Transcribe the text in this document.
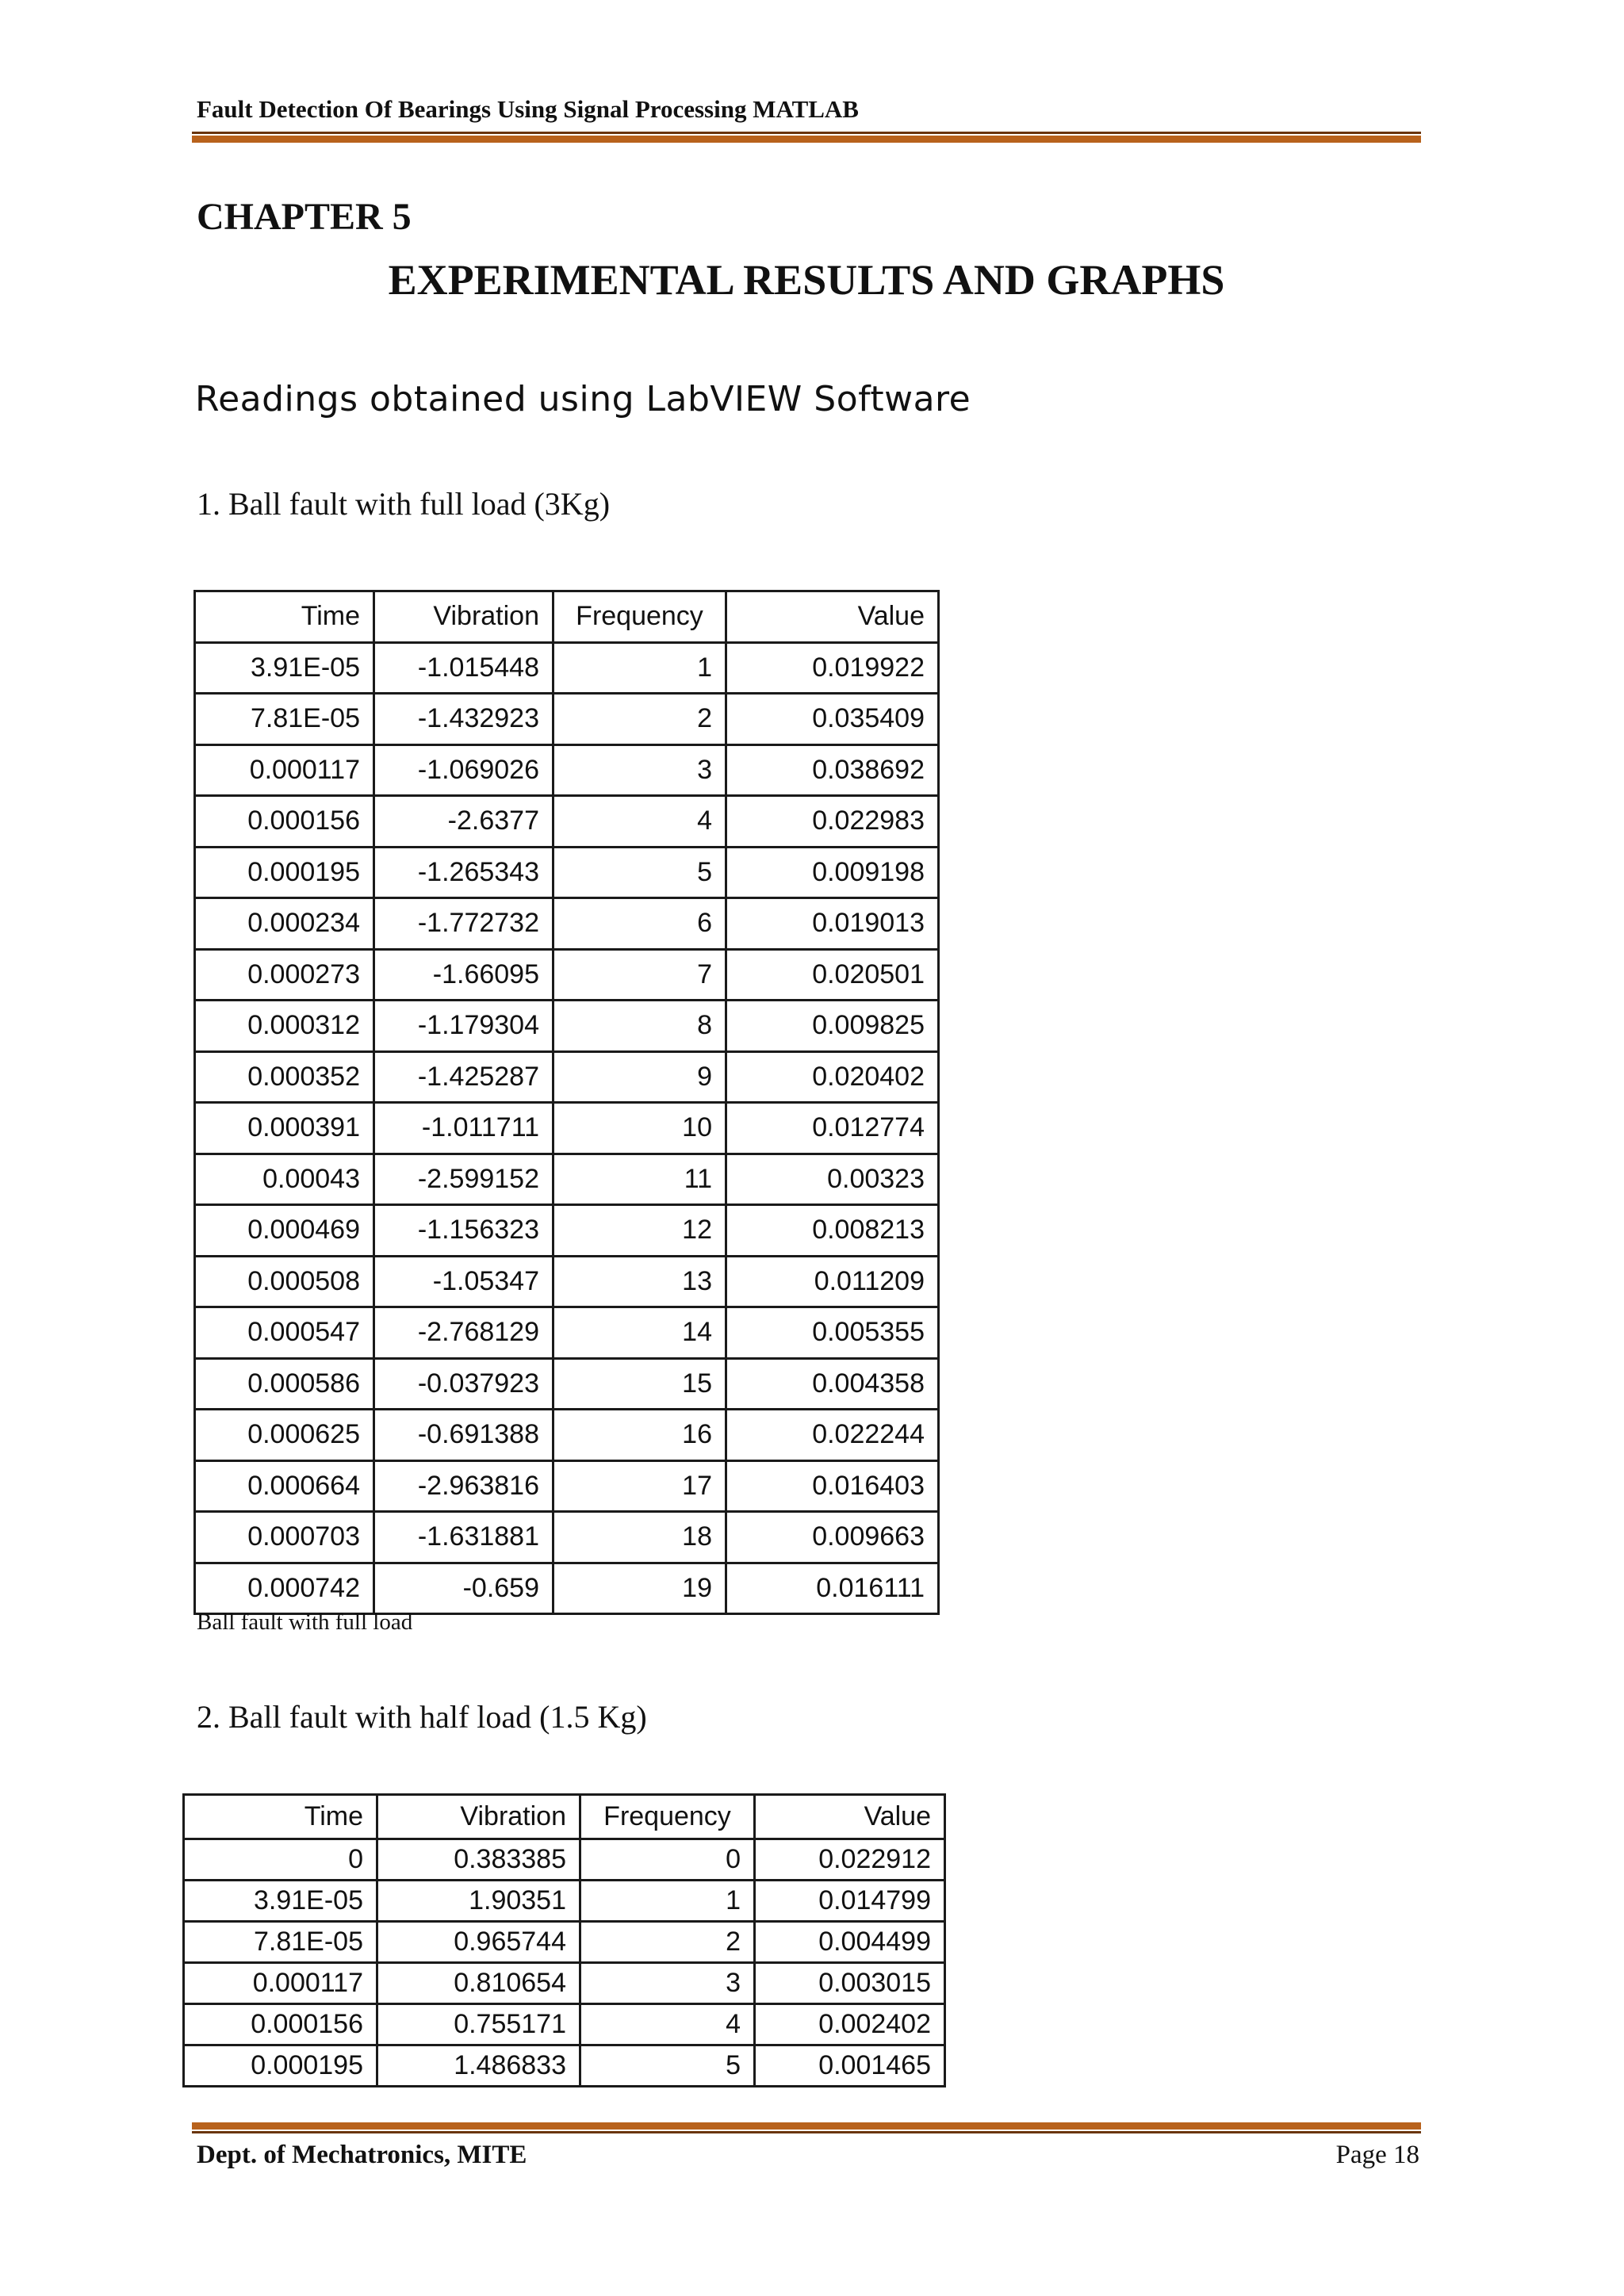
Fault Detection Of Bearings Using Signal Processing MATLAB
CHAPTER 5
EXPERIMENTAL RESULTS AND GRAPHS
Readings obtained using LabVIEW Software
1. Ball fault with full load (3Kg)
Time	Vibration	Frequency	Value
3.91E-05	-1.015448	1	0.019922
7.81E-05	-1.432923	2	0.035409
0.000117	-1.069026	3	0.038692
0.000156	-2.6377	4	0.022983
0.000195	-1.265343	5	0.009198
0.000234	-1.772732	6	0.019013
0.000273	-1.66095	7	0.020501
0.000312	-1.179304	8	0.009825
0.000352	-1.425287	9	0.020402
0.000391	-1.011711	10	0.012774
0.00043	-2.599152	11	0.00323
0.000469	-1.156323	12	0.008213
0.000508	-1.05347	13	0.011209
0.000547	-2.768129	14	0.005355
0.000586	-0.037923	15	0.004358
0.000625	-0.691388	16	0.022244
0.000664	-2.963816	17	0.016403
0.000703	-1.631881	18	0.009663
0.000742	-0.659	19	0.016111
Ball fault with full load
2. Ball fault with half load (1.5 Kg)
Time	Vibration	Frequency	Value
0	0.383385	0	0.022912
3.91E-05	1.90351	1	0.014799
7.81E-05	0.965744	2	0.004499
0.000117	0.810654	3	0.003015
0.000156	0.755171	4	0.002402
0.000195	1.486833	5	0.001465
Dept. of Mechatronics, MITE	Page 18
